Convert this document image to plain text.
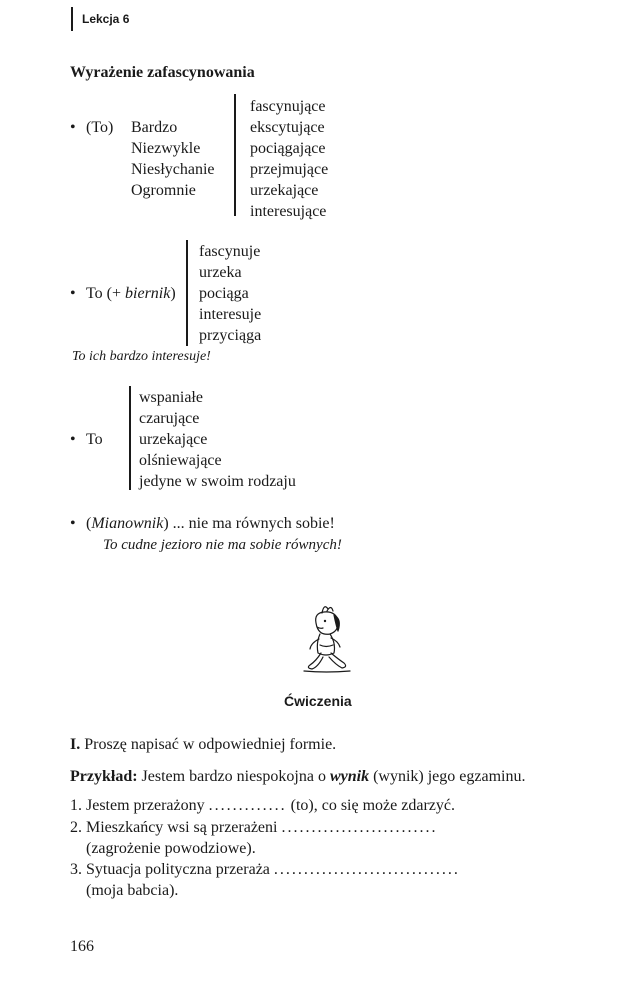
Lekcja 6
Wyrażenie zafascynowania
• (To) Bardzo
Niezwykle
Niesłychanie
Ogromnie
fascynujące
ekscytujące
pociągające
przejmujące
urzekające
interesujące
• To (+ biernik)
fascynuje
urzeka
pociąga
interesuje
przyciąga
To ich bardzo interesuje!
• To
wspaniałe
czarujące
urzekające
olśniewające
jedyne w swoim rodzaju
• (Mianownik) ... nie ma równych sobie!
To cudne jezioro nie ma sobie równych!
Ćwiczenia
I. Proszę napisać w odpowiedniej formie.
Przykład: Jestem bardzo niespokojna o wynik (wynik) jego egzaminu.
1. Jestem przerażony ............. (to), co się może zdarzyć.
2. Mieszkańcy wsi są przerażeni ..........................
(zagrożenie powodziowe).
3. Sytuacja polityczna przeraża ...............................
(moja babcia).
166
